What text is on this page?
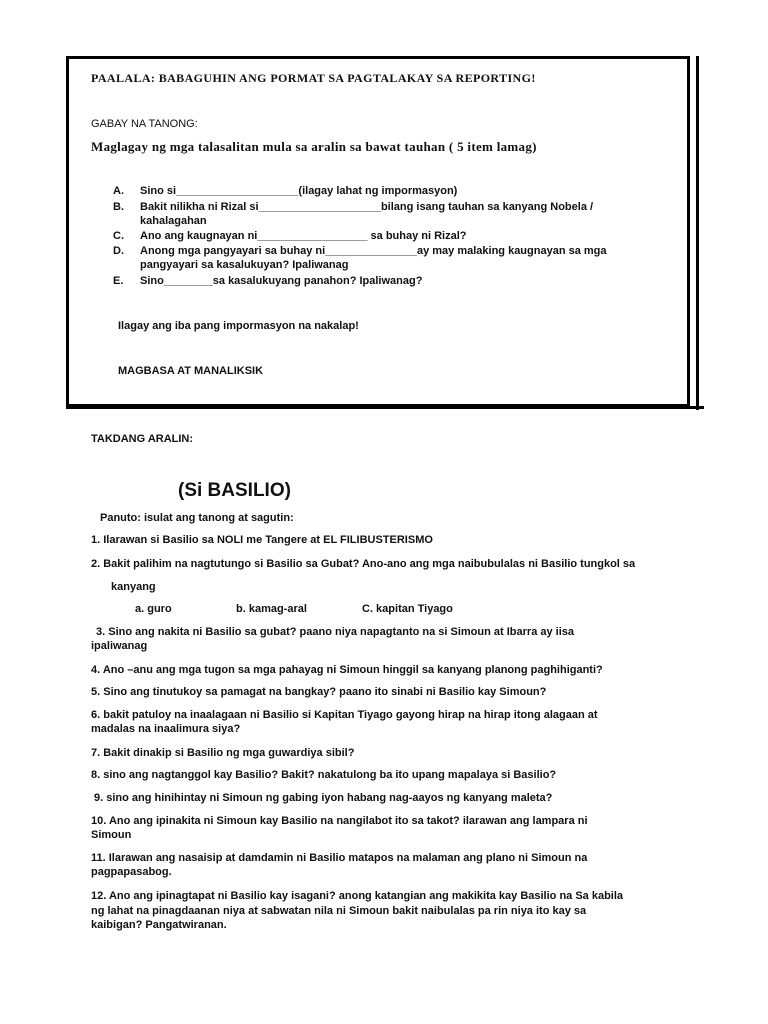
PAALALA: BABAGUHIN ANG PORMAT SA PAGTALAKAY SA REPORTING!
GABAY NA TANONG:
Maglagay ng mga talasalitan mula sa aralin sa bawat tauhan ( 5 item lamag)
A. Sino si____________________(ilagay lahat ng impormasyon)
B. Bakit nilikha ni Rizal si____________________bilang isang tauhan sa kanyang Nobela /
kahalagahan
C. Ano ang kaugnayan ni__________________ sa buhay ni Rizal?
D. Anong mga pangyayari sa buhay ni_______________ay may malaking kaugnayan sa mga
pangyayari sa kasalukuyan? Ipaliwanag
E. Sino________sa kasalukuyang panahon? Ipaliwanag?
Ilagay ang iba pang impormasyon na nakalap!
MAGBASA AT MANALIKSIK
TAKDANG ARALIN:
(Si BASILIO)
Panuto: isulat ang tanong at sagutin:
1. Ilarawan si Basilio sa NOLI me Tangere at EL FILIBUSTERISMO
2. Bakit palihim na nagtutungo si Basilio sa Gubat? Ano-ano ang mga naibubulalas ni Basilio tungkol sa
kanyang
a. guro	b. kamag-aral	C. kapitan Tiyago
3. Sino ang nakita ni Basilio sa gubat? paano niya napagtanto na si Simoun at Ibarra ay iisa
ipaliwanag
4. Ano –anu ang mga tugon sa mga pahayag ni Simoun hinggil sa kanyang planong paghihiganti?
5. Sino ang tinutukoy sa pamagat na bangkay? paano ito sinabi ni Basilio kay Simoun?
6. bakit patuloy na inaalagaan ni Basilio si Kapitan Tiyago gayong hirap na hirap itong alagaan at
madalas na inaalimura siya?
7. Bakit dinakip si Basilio ng mga guwardiya sibil?
8. sino ang nagtanggol kay Basilio? Bakit? nakatulong ba ito upang mapalaya si Basilio?
9. sino ang hinihintay ni Simoun ng gabing iyon habang nag-aayos ng kanyang maleta?
10. Ano ang ipinakita ni Simoun kay Basilio na nangilabot ito sa takot? ilarawan ang lampara ni
Simoun
11. Ilarawan ang nasaisip at damdamin ni Basilio matapos na malaman ang plano ni Simoun na
pagpapasabog.
12. Ano ang ipinagtapat ni Basilio kay isagani? anong katangian ang makikita kay Basilio na Sa kabila
ng lahat na pinagdaanan niya at sabwatan nila ni Simoun bakit naibulalas pa rin niya ito kay sa
kaibigan? Pangatwiranan.
